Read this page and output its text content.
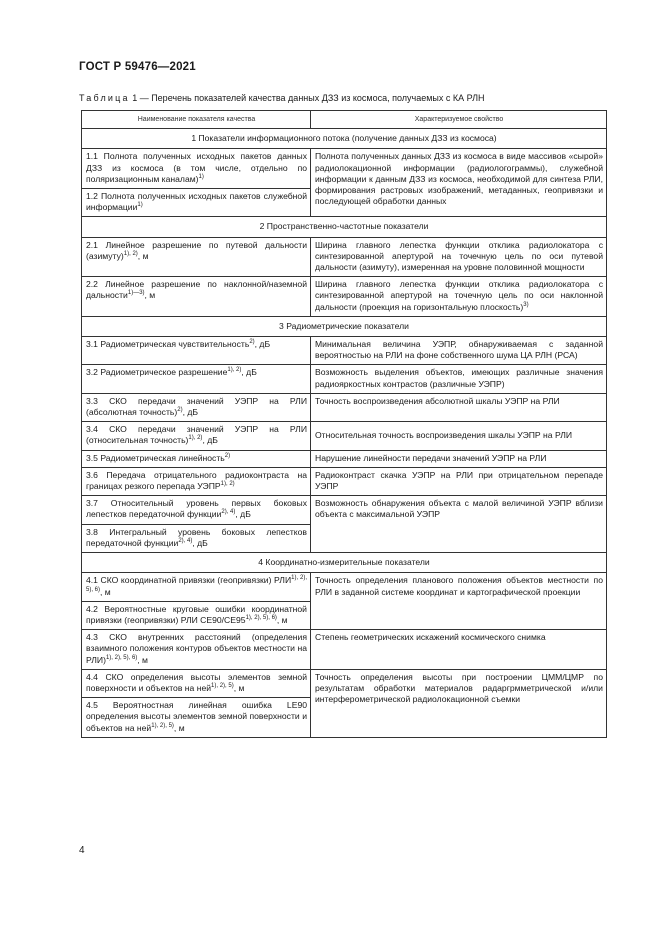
ГОСТ Р 59476—2021
Таблица 1 — Перечень показателей качества данных ДЗЗ из космоса, получаемых с КА РЛН
Наименование показателя качества	Характеризуемое свойство
1 Показатели информационного потока (получение данных ДЗЗ из космоса)	
1.1 Полнота полученных исходных пакетов данных ДЗЗ из космоса (в том числе, отдельно по поляризационным каналам)$^{1)}$	Полнота полученных данных ДЗЗ из космоса в виде массивов «сырой» радиолокационной информации (радиологограммы), служебной информации к данным ДЗЗ из космоса, необходимой для синтеза РЛИ, формирования растровых изображений, метаданных, геопривязки и последующей обработки данных
1.2 Полнота полученных исходных пакетов служебной информации$^{1)}$
2 Пространственно-частотные показатели	
2.1 Линейное разрешение по путевой дальности (азимуту)$^{1), 2)}$, м	Ширина главного лепестка функции отклика радиолокатора с синтезированной апертурой на точечную цель по оси путевой дальности (азимуту), измеренная на уровне половинной мощности
2.2 Линейное разрешение по наклонной/наземной дальности$^{1)—3)}$, м	Ширина главного лепестка функции отклика радиолокатора с синтезированной апертурой на точечную цель по оси наклонной дальности (проекция на горизонтальную плоскость)$^{3)}$
3 Радиометрические показатели	
3.1 Радиометрическая чувствительность$^{2)}$, дБ	Минимальная величина УЭПР, обнаруживаемая с заданной вероятностью на РЛИ на фоне собственного шума ЦА РЛН (РСА)
3.2 Радиометрическое разрешение$^{1), 2)}$, дБ	Возможность выделения объектов, имеющих различные значения радиояркостных контрастов (различные УЭПР)
3.3 СКО передачи значений УЭПР на РЛИ (абсолютная точность)$^{2)}$, дБ	Точность воспроизведения абсолютной шкалы УЭПР на РЛИ
3.4 СКО передачи значений УЭПР на РЛИ (относительная точность)$^{1), 2)}$, дБ	Относительная точность воспроизведения шкалы УЭПР на РЛИ
3.5 Радиометрическая линейность$^{2)}$	Нарушение линейности передачи значений УЭПР на РЛИ
3.6 Передача отрицательного радиоконтраста на границах резкого перепада $УЭПР^{1), 2)}$	Радиоконтраст скачка УЭПР на РЛИ при отрицательном перепаде УЭПР
3.7 Относительный уровень первых боковых лепестков передаточной функции$^{2), 4)}$, дБ	Возможность обнаружения объекта с малой величиной УЭПР вблизи объекта с максимальной УЭПР
3.8 Интегральный уровень боковых лепестков передаточной функции$^{2), 4)}$, дБ	
4 Координатно-измерительные показатели	
4.1 СКО координатной привязки (геопривязки) $РЛИ^{1), 2), 5), 6)}$, м	Точность определения планового положения объектов местности по РЛИ в заданной системе координат и картографической проекции
4.2 Вероятностные круговые ошибки координатной привязки (геопривязки) РЛИ $CE90/CE95^{1), 2), 5), 6)}$, м	
4.3 СКО внутренних расстояний (определения взаимного положения контуров объектов местности на РЛИ)$^{1), 2), 5), 6)}$, м	Степень геометрических искажений космического снимка
4.4 СКО определения высоты элементов земной поверхности и объектов на ней$^{1), 2), 5)}$, м	Точность определения высоты при построении ЦМM/ЦМР по результатам обработки материалов радаргрмметрической и/или интерферометрической радиолокационной съемки
4.5 Вероятностная линейная ошибка LE90 определения высоты элементов земной поверхности и объектов на ней$^{1), 2), 5)}$, м	
4
